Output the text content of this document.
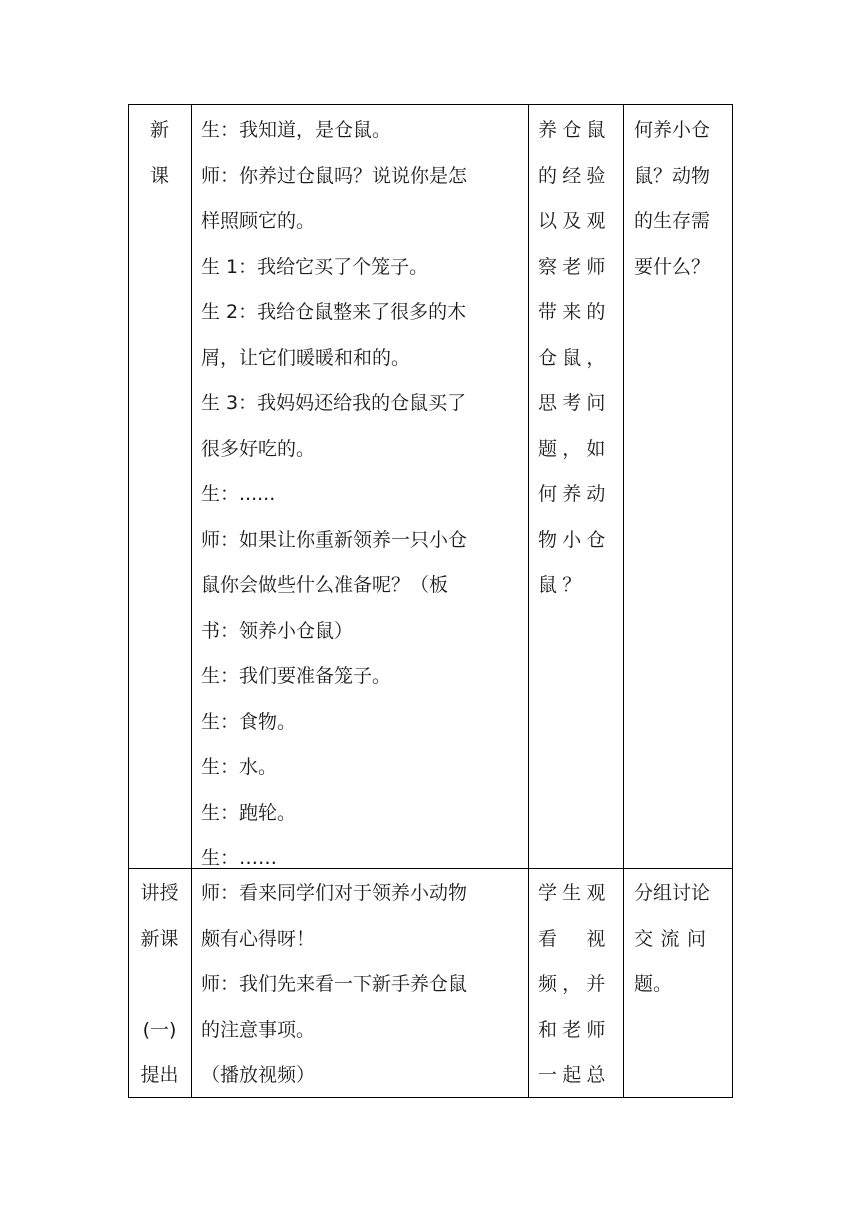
新
课
生：我知道，是仓鼠。
师：你养过仓鼠吗？说说你是怎
样照顾它的。
生 1：我给它买了个笼子。
生 2：我给仓鼠整来了很多的木
屑，让它们暖暖和和的。
生 3：我妈妈还给我的仓鼠买了
很多好吃的。
生：......
师：如果让你重新领养一只小仓
鼠你会做些什么准备呢？（板
书：领养小仓鼠）
生：我们要准备笼子。
生：食物。
生：水。
生：跑轮。
生：……
养仓鼠
的经验
以及观
察老师
带来的
仓鼠，
思考问
题，如
何养动
物小仓
鼠？
何养小仓
鼠？动物
的生存需
要什么？
讲授
新课
(一)
提出
师：看来同学们对于领养小动物
颇有心得呀！
师：我们先来看一下新手养仓鼠
的注意事项。
（播放视频）
学生观
看　视
频，并
和老师
一起总
分组讨论
交流问
题。
